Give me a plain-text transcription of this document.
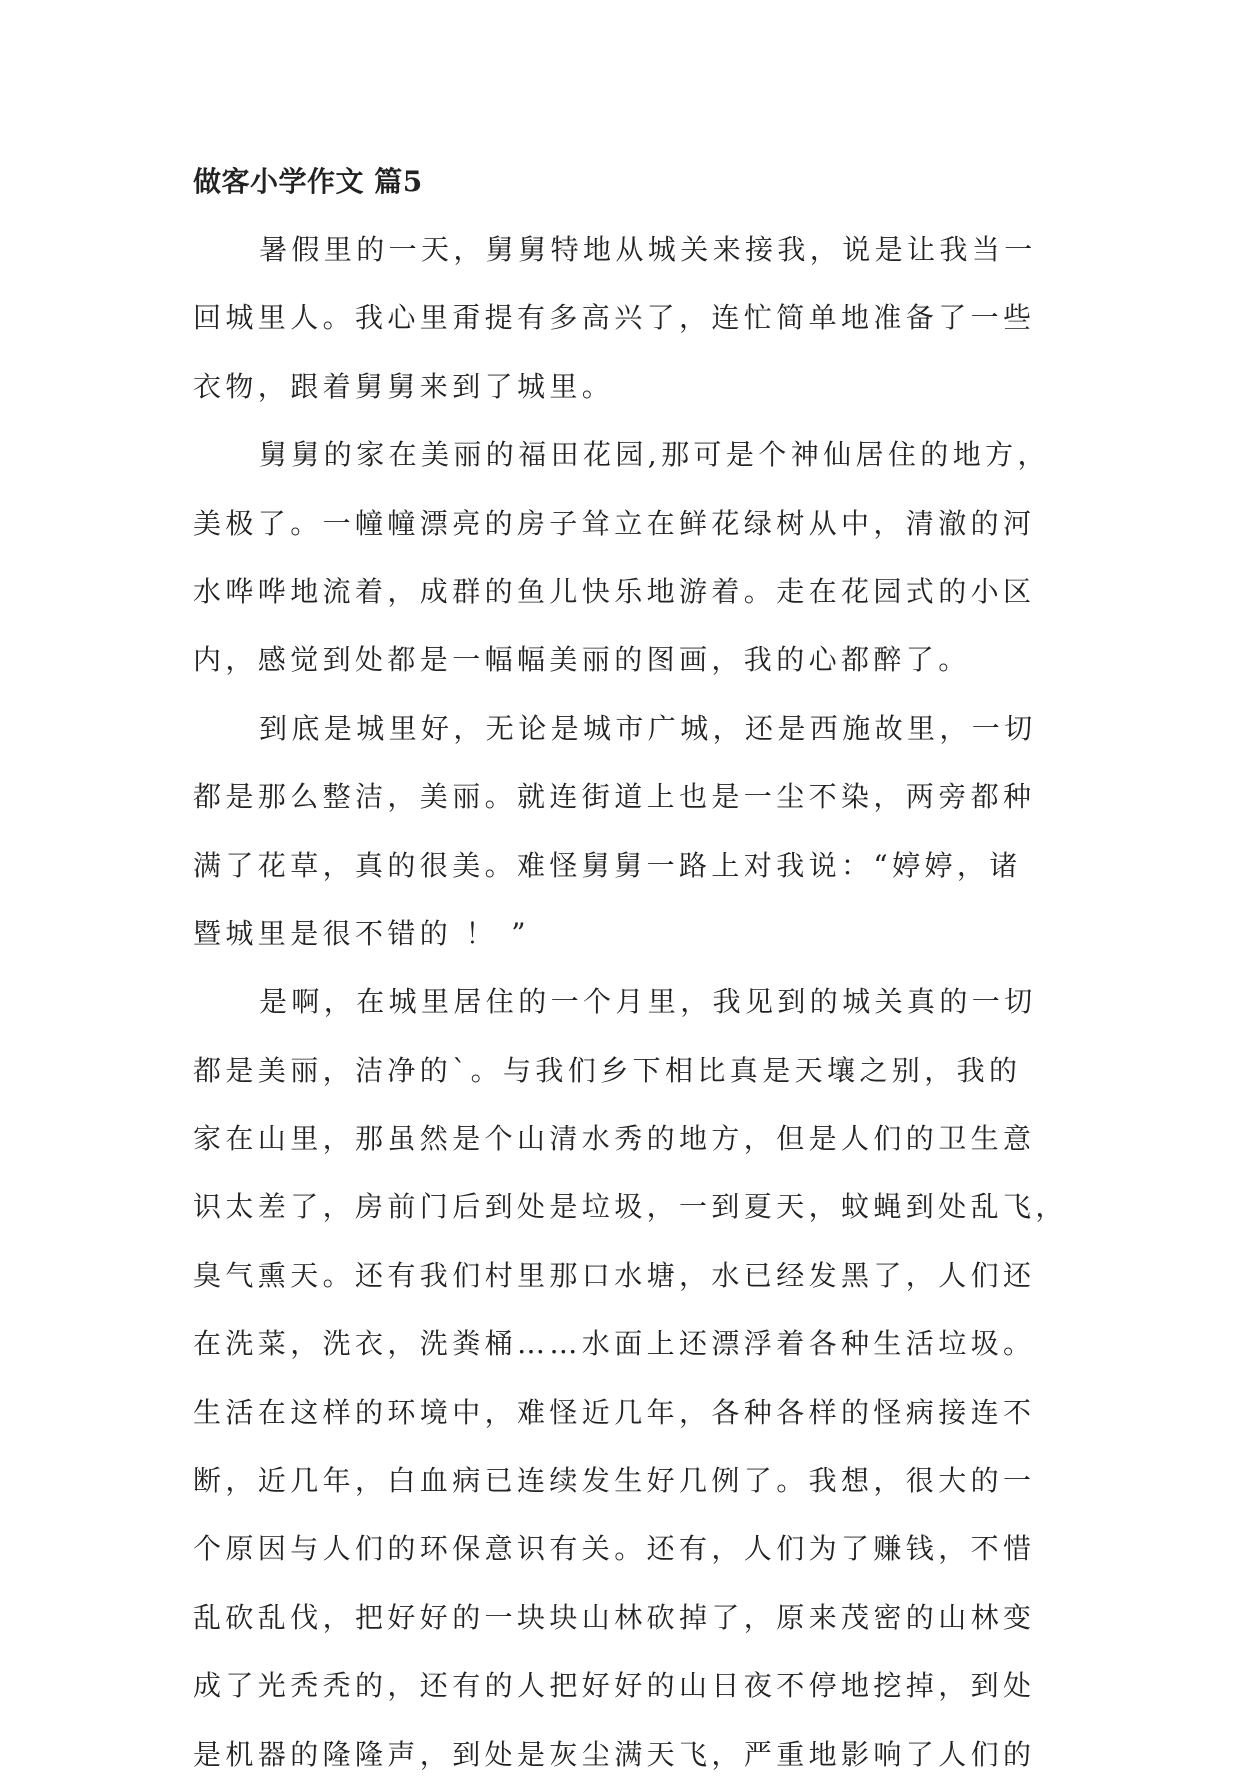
做客小学作文 篇5

暑假里的一天，舅舅特地从城关来接我，说是让我当一
回城里人。我心里甭提有多高兴了，连忙简单地准备了一些
衣物，跟着舅舅来到了城里。

舅舅的家在美丽的福田花园,那可是个神仙居住的地方，
美极了。一幢幢漂亮的房子耸立在鲜花绿树从中，清澈的河
水哗哗地流着，成群的鱼儿快乐地游着。走在花园式的小区
内，感觉到处都是一幅幅美丽的图画，我的心都醉了。

到底是城里好，无论是城市广城，还是西施故里，一切
都是那么整洁，美丽。就连街道上也是一尘不染，两旁都种
满了花草，真的很美。难怪舅舅一路上对我说：“婷婷，诸
暨城里是很不错的 ！ ”

是啊，在城里居住的一个月里，我见到的城关真的一切
都是美丽，洁净的`。与我们乡下相比真是天壤之别，我的
家在山里，那虽然是个山清水秀的地方，但是人们的卫生意
识太差了，房前门后到处是垃圾，一到夏天，蚊蝇到处乱飞，
臭气熏天。还有我们村里那口水塘，水已经发黑了，人们还
在洗菜，洗衣，洗粪桶……水面上还漂浮着各种生活垃圾。
生活在这样的环境中，难怪近几年，各种各样的怪病接连不
断，近几年，白血病已连续发生好几例了。我想，很大的一
个原因与人们的环保意识有关。还有，人们为了赚钱，不惜
乱砍乱伐，把好好的一块块山林砍掉了，原来茂密的山林变
成了光秃秃的，还有的人把好好的山日夜不停地挖掉，到处
是机器的隆隆声，到处是灰尘满天飞，严重地影响了人们的
